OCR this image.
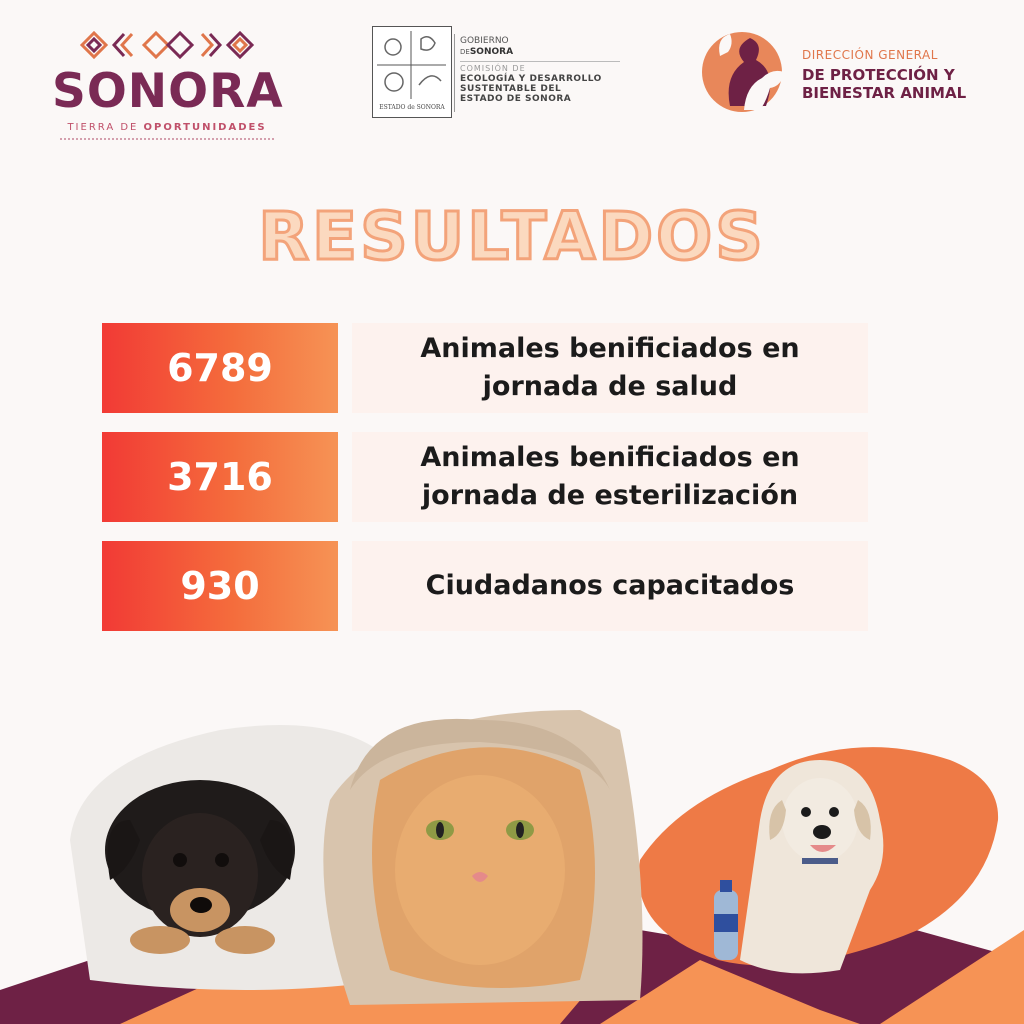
SONORA
TIERRA DE OPORTUNIDADES
ESTADO de SONORA
GOBIERNO
DESONORA
COMISIÓN DE
ECOLOGÍA Y DESARROLLO
SUSTENTABLE DEL
ESTADO DE SONORA
DIRECCIÓN GENERAL
DE PROTECCIÓN Y
BIENESTAR ANIMAL
RESULTADOS
6789	Animales benificiados en
jornada de salud
3716	Animales benificiados en
jornada de esterilización
930	Ciudadanos capacitados
